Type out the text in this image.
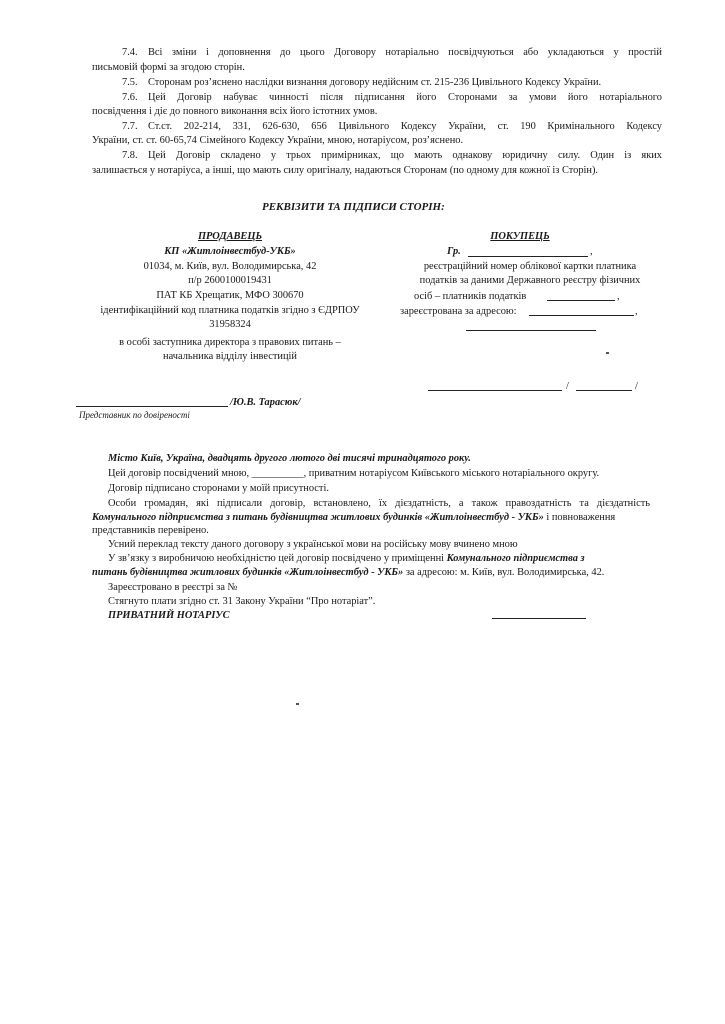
7.4. Всі зміни і доповнення до цього Договору нотаріально посвідчуються або укладаються у простій
письмовій формі за згодою сторін.
7.5. Сторонам роз’яснено наслідки визнання договору недійсним ст. 215-236 Цивільного Кодексу України.
7.6. Цей Договір набуває чинності після підписання його Сторонами за умови його нотаріального
посвідчення і діє до повного виконання всіх його істотних умов.
7.7. Ст.ст. 202-214, 331, 626-630, 656 Цивільного Кодексу України, ст. 190 Кримінального Кодексу
України, ст. ст. 60-65,74 Сімейного Кодексу України, мною, нотаріусом, роз’яснено.
7.8. Цей Договір складено у трьох примірниках, що мають однакову юридичну силу. Один із яких
залишається у нотаріуса, а інші, що мають силу оригіналу, надаються Сторонам (по одному для кожної із Сторін).
РЕКВІЗИТИ ТА ПІДПИСИ СТОРІН:
ПРОДАВЕЦЬ
КП «Житлоінвестбуд-УКБ»
01034, м. Київ, вул. Володимирська, 42
п/р 2600100019431
ПАТ КБ Хрещатик, МФО 300670
ідентифікаційний код платника податків згідно з ЄДРПОУ
31958324
в особі заступника директора з правових питань –
начальника відділу інвестицій
/Ю.В. Тарасюк/
Представник по довіреності
ПОКУПЕЦЬ
Гр.	,
реєстраційний номер облікової картки платника
податків за даними Державного реєстру фізичних
осіб – платників податків	,
зареєстрована за адресою:	,
/	/
Місто Київ, Україна, двадцять другого лютого дві тисячі тринадцятого року.
Цей договір посвідчений мною, __________, приватним нотаріусом Київського міського нотаріального округу.
Договір підписано сторонами у моїй присутності.
Особи громадян, які підписали договір, встановлено, їх дієздатність, а також правоздатність та дієздатність
Комунального підприємства з питань будівництва житлових будинків «Житлоінвестбуд - УКБ» і повноваження
представників перевірено.
Усний переклад тексту даного договору з української мови на російську мову вчинено мною
У зв’язку з виробничою необхідністю цей договір посвідчено у приміщенні Комунального підприємства з
питань будівництва житлових будинків «Житлоінвестбуд - УКБ» за адресою: м. Київ, вул. Володимирська, 42.
Зареєстровано в реєстрі за №
Стягнуто плати згідно ст. 31 Закону України “Про нотаріат”.
ПРИВАТНИЙ НОТАРІУС
